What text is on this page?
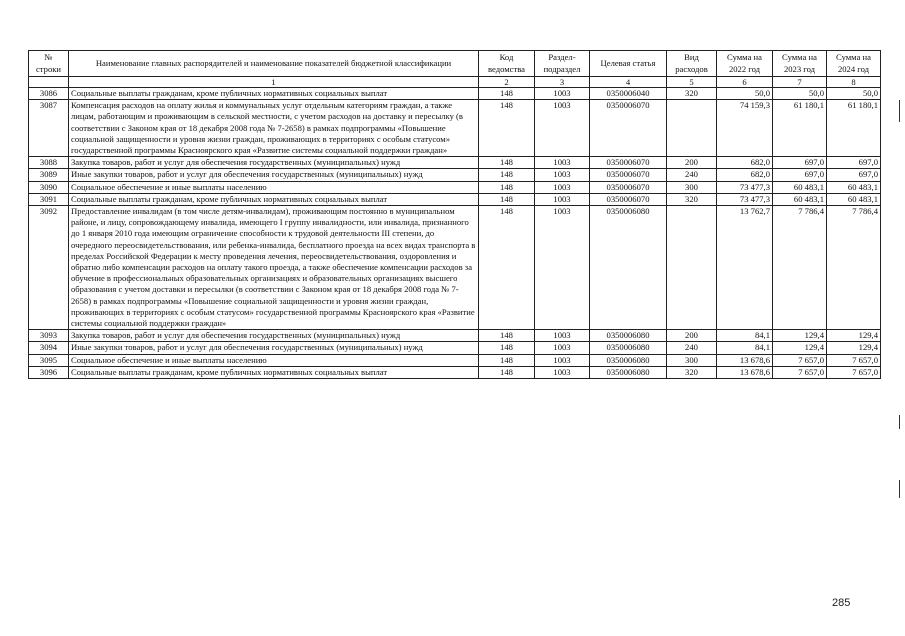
№ строки	Наименование главных распорядителей и наименование показателей бюджетной классификации	Код ведомства	Раздел-подраздел	Целевая статья	Вид расходов	Сумма на 2022 год	Сумма на 2023 год	Сумма на 2024 год
	1	2	3	4	5	6	7	8
3086	Социальные выплаты гражданам, кроме публичных нормативных социальных выплат	148	1003	0350006040	320	50,0	50,0	50,0
3087	Компенсация расходов на оплату жилья и коммунальных услуг отдельным категориям граждан, а также лицам, работающим и проживающим в сельской местности, с учетом расходов на доставку и пересылку (в соответствии с Законом края от 18 декабря 2008 года № 7-2658) в рамках подпрограммы «Повышение социальной защищенности и уровня жизни граждан, проживающих в территориях с особым статусом» государственной программы Красноярского края «Развитие системы социальной поддержки граждан»	148	1003	0350006070		74 159,3	61 180,1	61 180,1
3088	Закупка товаров, работ и услуг для обеспечения государственных (муниципальных) нужд	148	1003	0350006070	200	682,0	697,0	697,0
3089	Иные закупки товаров, работ и услуг для обеспечения государственных (муниципальных) нужд	148	1003	0350006070	240	682,0	697,0	697,0
3090	Социальное обеспечение и иные выплаты населению	148	1003	0350006070	300	73 477,3	60 483,1	60 483,1
3091	Социальные выплаты гражданам, кроме публичных нормативных социальных выплат	148	1003	0350006070	320	73 477,3	60 483,1	60 483,1
3092	Предоставление инвалидам (в том числе детям-инвалидам), проживающим постоянно в муниципальном районе, и лицу, сопровождающему инвалида, имеющего I группу инвалидности, или инвалида, признанного до 1 января 2010 года имеющим ограничение способности к трудовой деятельности III степени, до очередного переосвидетельствования, или ребенка-инвалида, бесплатного проезда на всех видах транспорта в пределах Российской Федерации к месту проведения лечения, переосвидетельствования, оздоровления и обратно либо компенсации расходов на оплату такого проезда, а также обеспечение компенсации расходов за обучение в профессиональных образовательных организациях и образовательных организациях высшего образования с учетом доставки и пересылки (в соответствии с Законом края от 18 декабря 2008 года № 7-2658) в рамках подпрограммы «Повышение социальной защищенности и уровня жизни граждан, проживающих в территориях с особым статусом» государственной программы Красноярского края «Развитие системы социальной поддержки граждан»	148	1003	0350006080		13 762,7	7 786,4	7 786,4
3093	Закупка товаров, работ и услуг для обеспечения государственных (муниципальных) нужд	148	1003	0350006080	200	84,1	129,4	129,4
3094	Иные закупки товаров, работ и услуг для обеспечения государственных (муниципальных) нужд	148	1003	0350006080	240	84,1	129,4	129,4
3095	Социальное обеспечение и иные выплаты населению	148	1003	0350006080	300	13 678,6	7 657,0	7 657,0
3096	Социальные выплаты гражданам, кроме публичных нормативных социальных выплат	148	1003	0350006080	320	13 678,6	7 657,0	7 657,0
285
